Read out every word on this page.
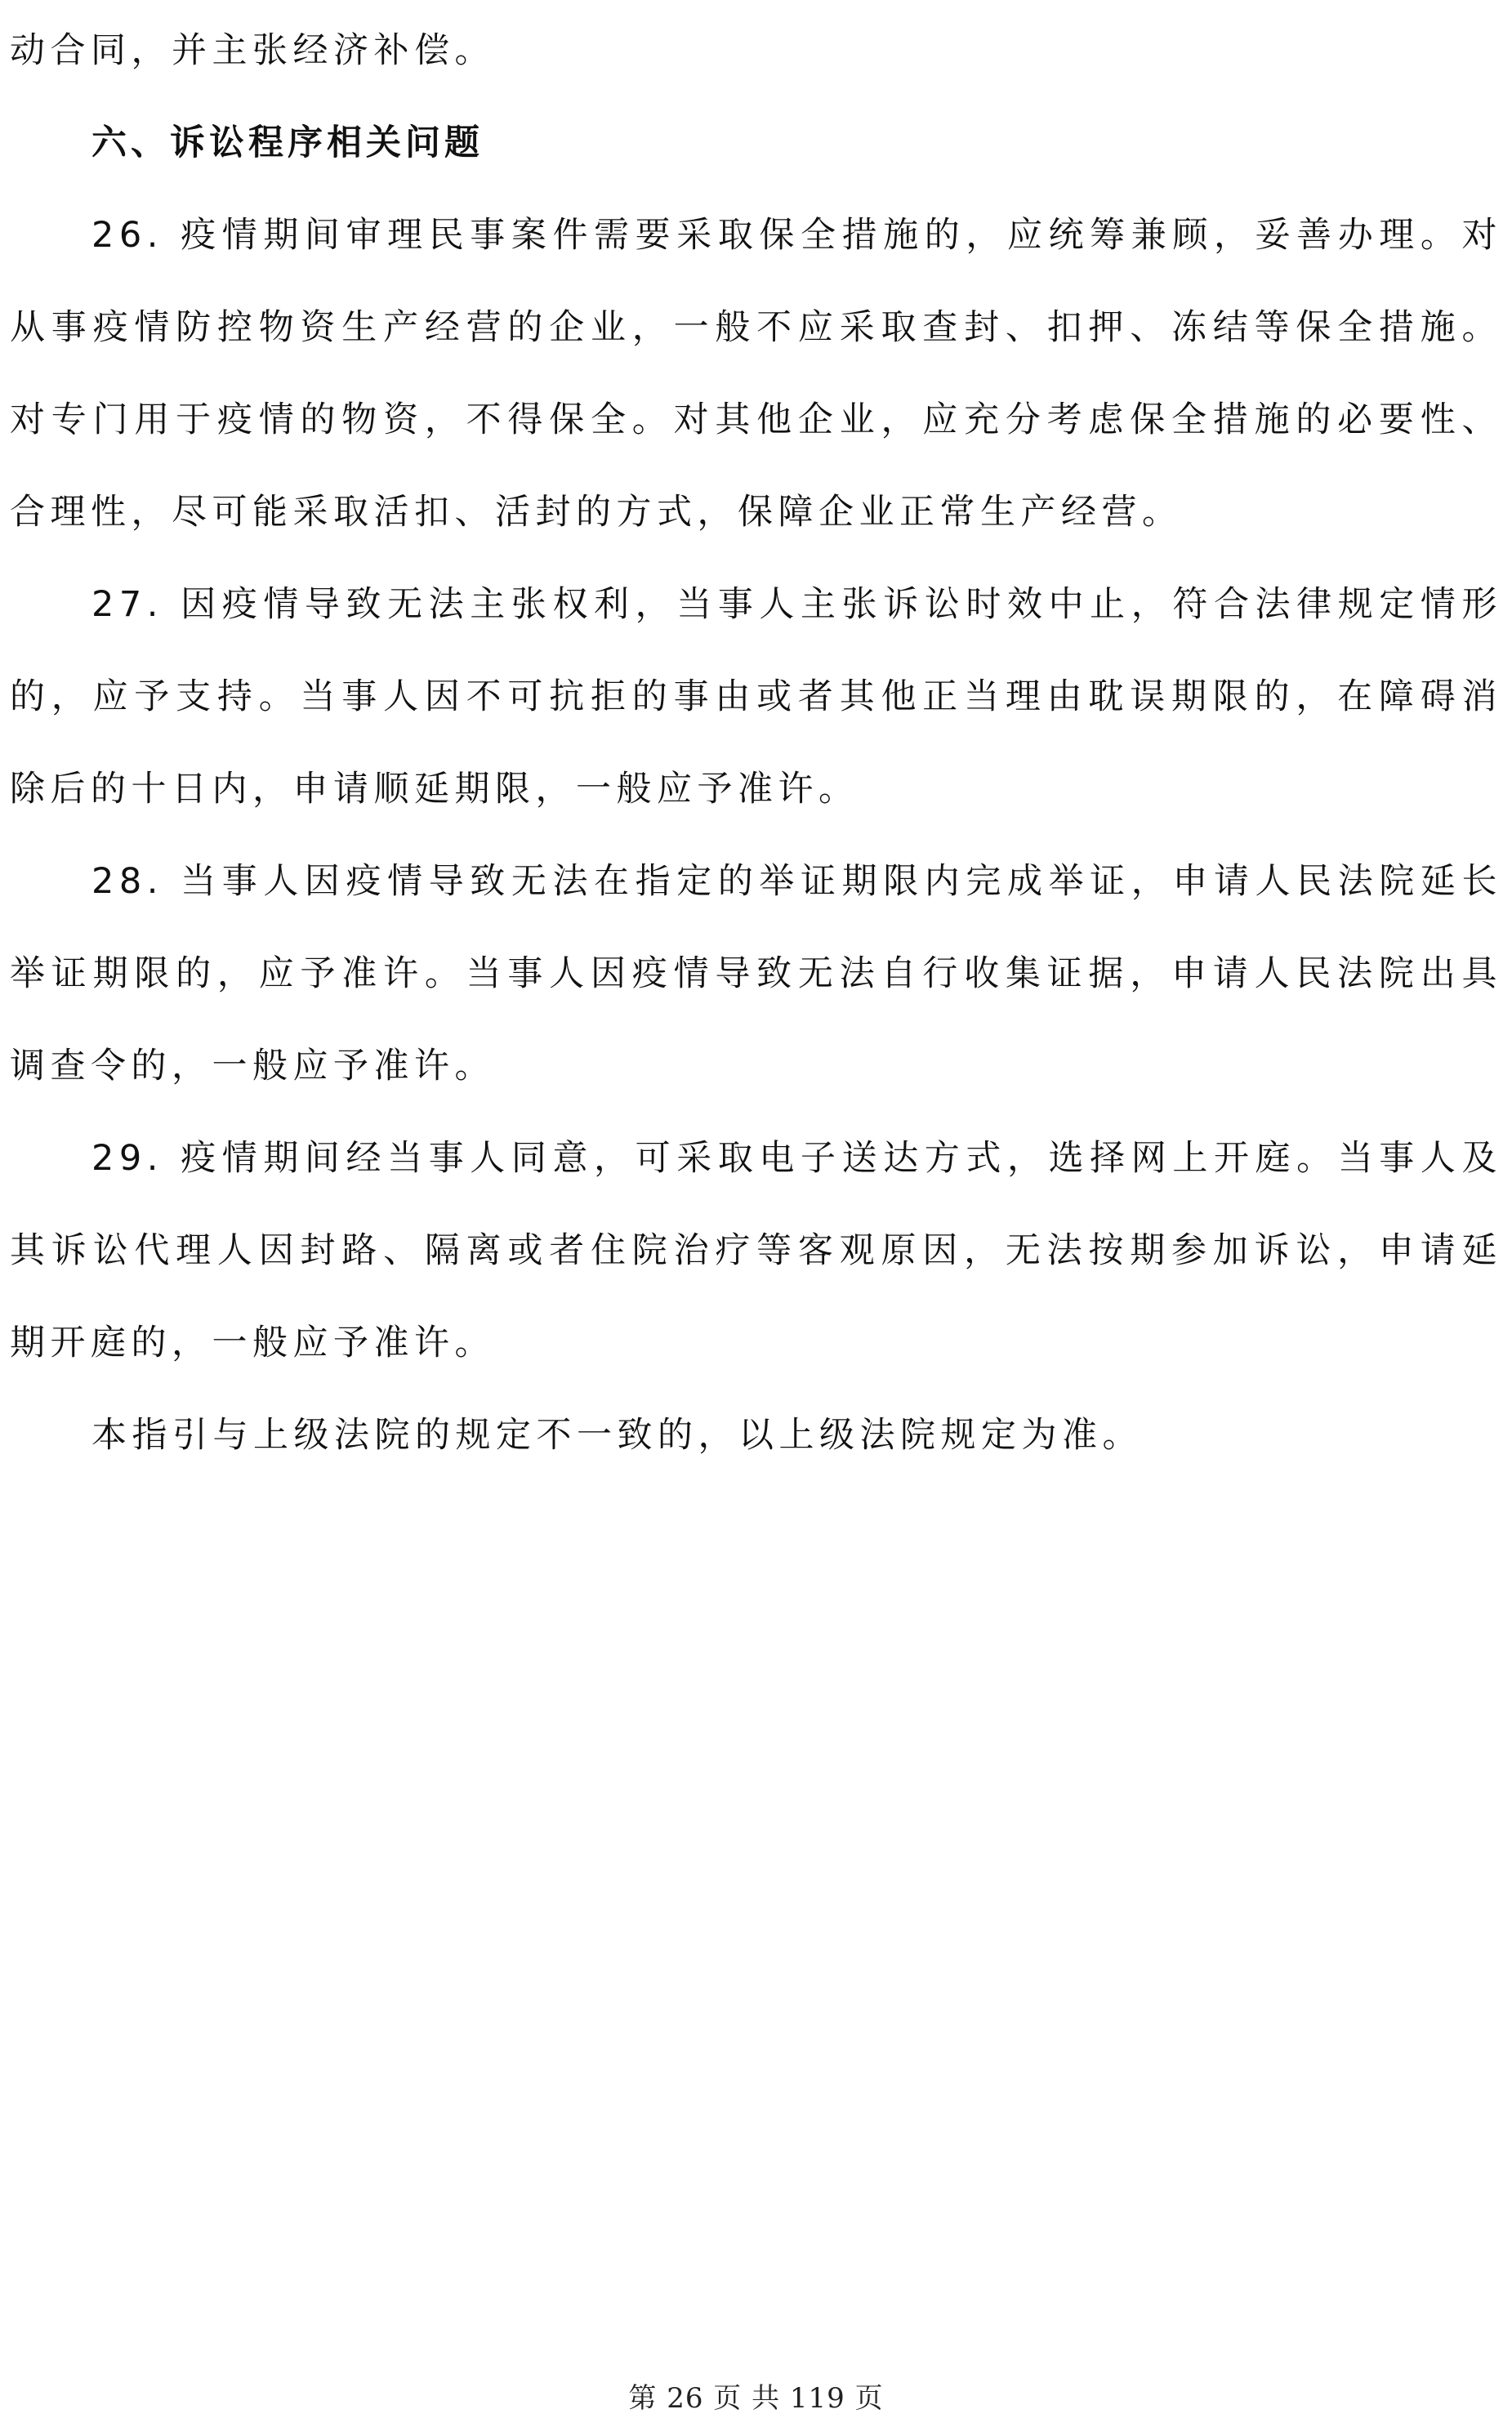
动合同，并主张经济补偿。

六、诉讼程序相关问题

26. 疫情期间审理民事案件需要采取保全措施的，应统筹兼顾，妥善办理。对从事疫情防控物资生产经营的企业，一般不应采取查封、扣押、冻结等保全措施。对专门用于疫情的物资，不得保全。对其他企业，应充分考虑保全措施的必要性、合理性，尽可能采取活扣、活封的方式，保障企业正常生产经营。

27. 因疫情导致无法主张权利，当事人主张诉讼时效中止，符合法律规定情形的，应予支持。当事人因不可抗拒的事由或者其他正当理由耽误期限的，在障碍消除后的十日内，申请顺延期限，一般应予准许。

28. 当事人因疫情导致无法在指定的举证期限内完成举证，申请人民法院延长举证期限的，应予准许。当事人因疫情导致无法自行收集证据，申请人民法院出具调查令的，一般应予准许。

29. 疫情期间经当事人同意，可采取电子送达方式，选择网上开庭。当事人及其诉讼代理人因封路、隔离或者住院治疗等客观原因，无法按期参加诉讼，申请延期开庭的，一般应予准许。

本指引与上级法院的规定不一致的，以上级法院规定为准。

第 26 页 共 119 页
